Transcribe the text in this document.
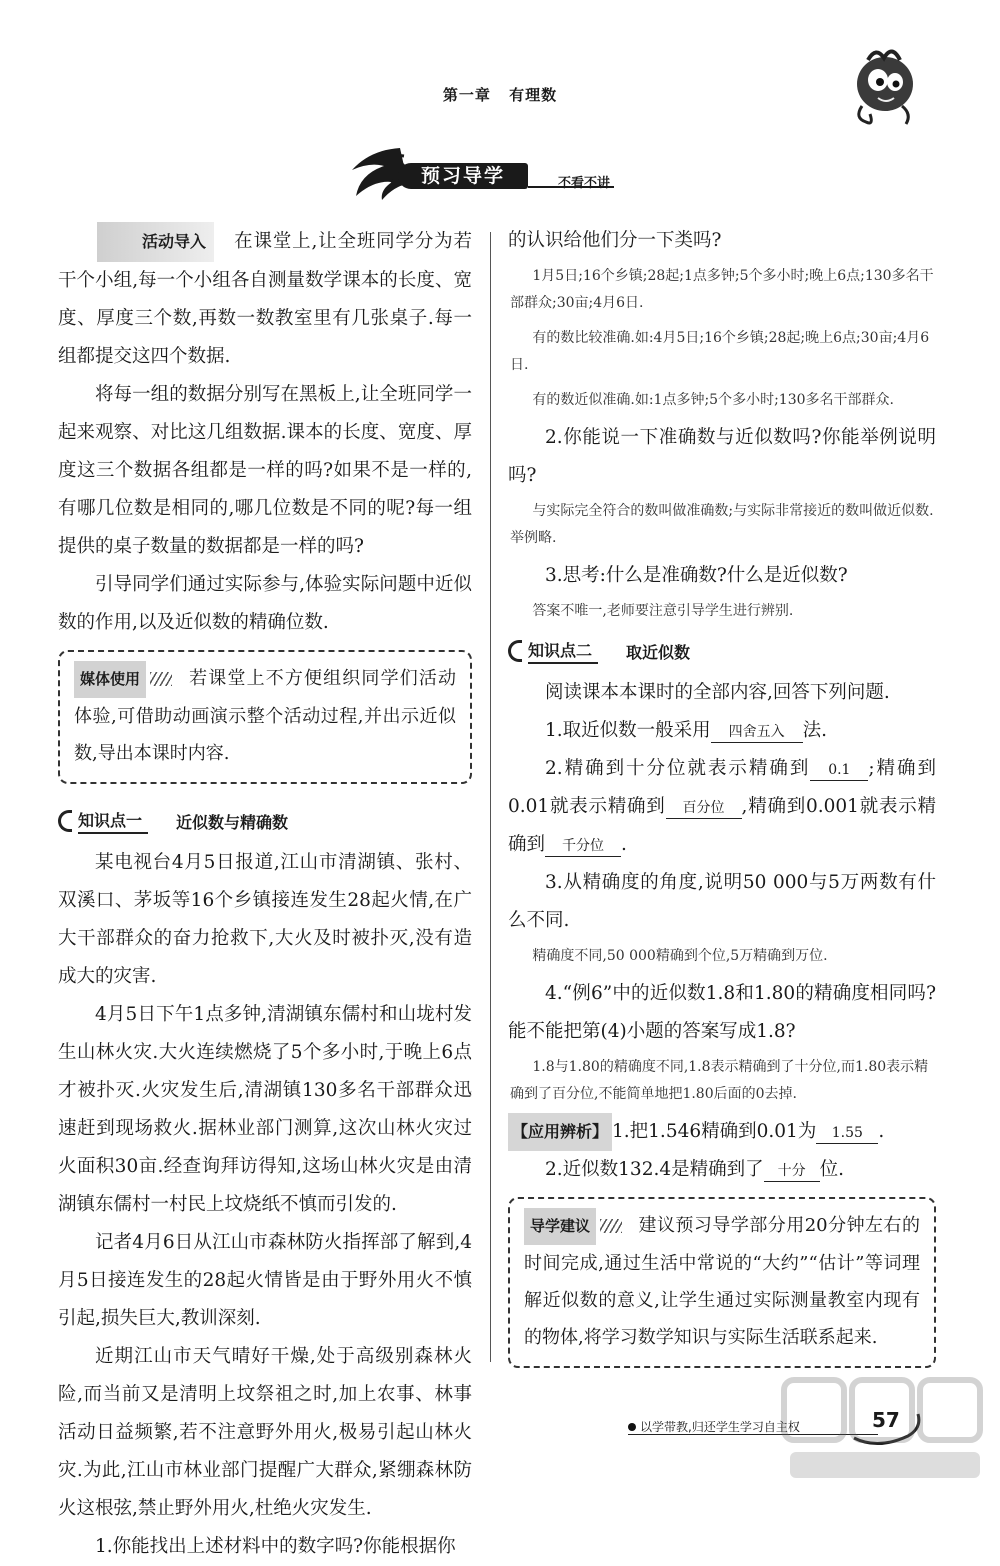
第一章 有理数
预习导学	不看不讲
活动导入 在课堂上,让全班同学分为若干个小组,每一个小组各自测量数学课本的长度、宽度、厚度三个数,再数一数教室里有几张桌子.每一组都提交这四个数据.
将每一组的数据分别写在黑板上,让全班同学一起来观察、对比这几组数据.课本的长度、宽度、厚度这三个数据各组都是一样的吗?如果不是一样的,有哪几位数是相同的,哪几位数是不同的呢?每一组提供的桌子数量的数据都是一样的吗?
引导同学们通过实际参与,体验实际问题中近似数的作用,以及近似数的精确位数.
媒体使用	若课堂上不方便组织同学们活动体验,可借助动画演示整个活动过程,并出示近似数,导出本课时内容.
知识点一	近似数与精确数
某电视台4月5日报道,江山市清湖镇、张村、双溪口、茅坂等16个乡镇接连发生28起火情,在广大干部群众的奋力抢救下,大火及时被扑灭,没有造成大的灾害.
4月5日下午1点多钟,清湖镇东儒村和山垅村发生山林火灾.大火连续燃烧了5个多小时,于晚上6点才被扑灭.火灾发生后,清湖镇130多名干部群众迅速赶到现场救火.据林业部门测算,这次山林火灾过火面积30亩.经查询拜访得知,这场山林火灾是由清湖镇东儒村一村民上坟烧纸不慎而引发的.
记者4月6日从江山市森林防火指挥部了解到,4月5日接连发生的28起火情皆是由于野外用火不慎引起,损失巨大,教训深刻.
近期江山市天气晴好干燥,处于高级别森林火险,而当前又是清明上坟祭祖之时,加上农事、林事活动日益频繁,若不注意野外用火,极易引起山林火灾.为此,江山市林业部门提醒广大群众,紧绷森林防火这根弦,禁止野外用火,杜绝火灾发生.
1.你能找出上述材料中的数字吗?你能根据你
的认识给他们分一下类吗?
1月5日;16个乡镇;28起;1点多钟;5个多小时;晚上6点;130多名干部群众;30亩;4月6日.
有的数比较准确.如:4月5日;16个乡镇;28起;晚上6点;30亩;4月6日.
有的数近似准确.如:1点多钟;5个多小时;130多名干部群众.
2.你能说一下准确数与近似数吗?你能举例说明吗?
与实际完全符合的数叫做准确数;与实际非常接近的数叫做近似数.举例略.
3.思考:什么是准确数?什么是近似数?
答案不唯一,老师要注意引导学生进行辨别.
知识点二	取近似数
阅读课本本课时的全部内容,回答下列问题.
1.取近似数一般采用 四舍五入 法.
2.精确到十分位就表示精确到 0.1 ;精确到0.01就表示精确到 百分位 ,精确到0.001就表示精确到 千分位 .
3.从精确度的角度,说明50 000与5万两数有什么不同.
精确度不同,50 000精确到个位,5万精确到万位.
4.“例6”中的近似数1.8和1.80的精确度相同吗?能不能把第(4)小题的答案写成1.8?
1.8与1.80的精确度不同,1.8表示精确到了十分位,而1.80表示精确到了百分位,不能简单地把1.80后面的0去掉.
【应用辨析】 1.把1.546精确到0.01为 1.55 .
2.近似数132.4是精确到了 十分 位.
导学建议	建议预习导学部分用20分钟左右的时间完成,通过生活中常说的“大约”“估计”等词理解近似数的意义,让学生通过实际测量教室内现有的物体,将学习数学知识与实际生活联系起来.
以学带教,归还学生学习自主权	57
